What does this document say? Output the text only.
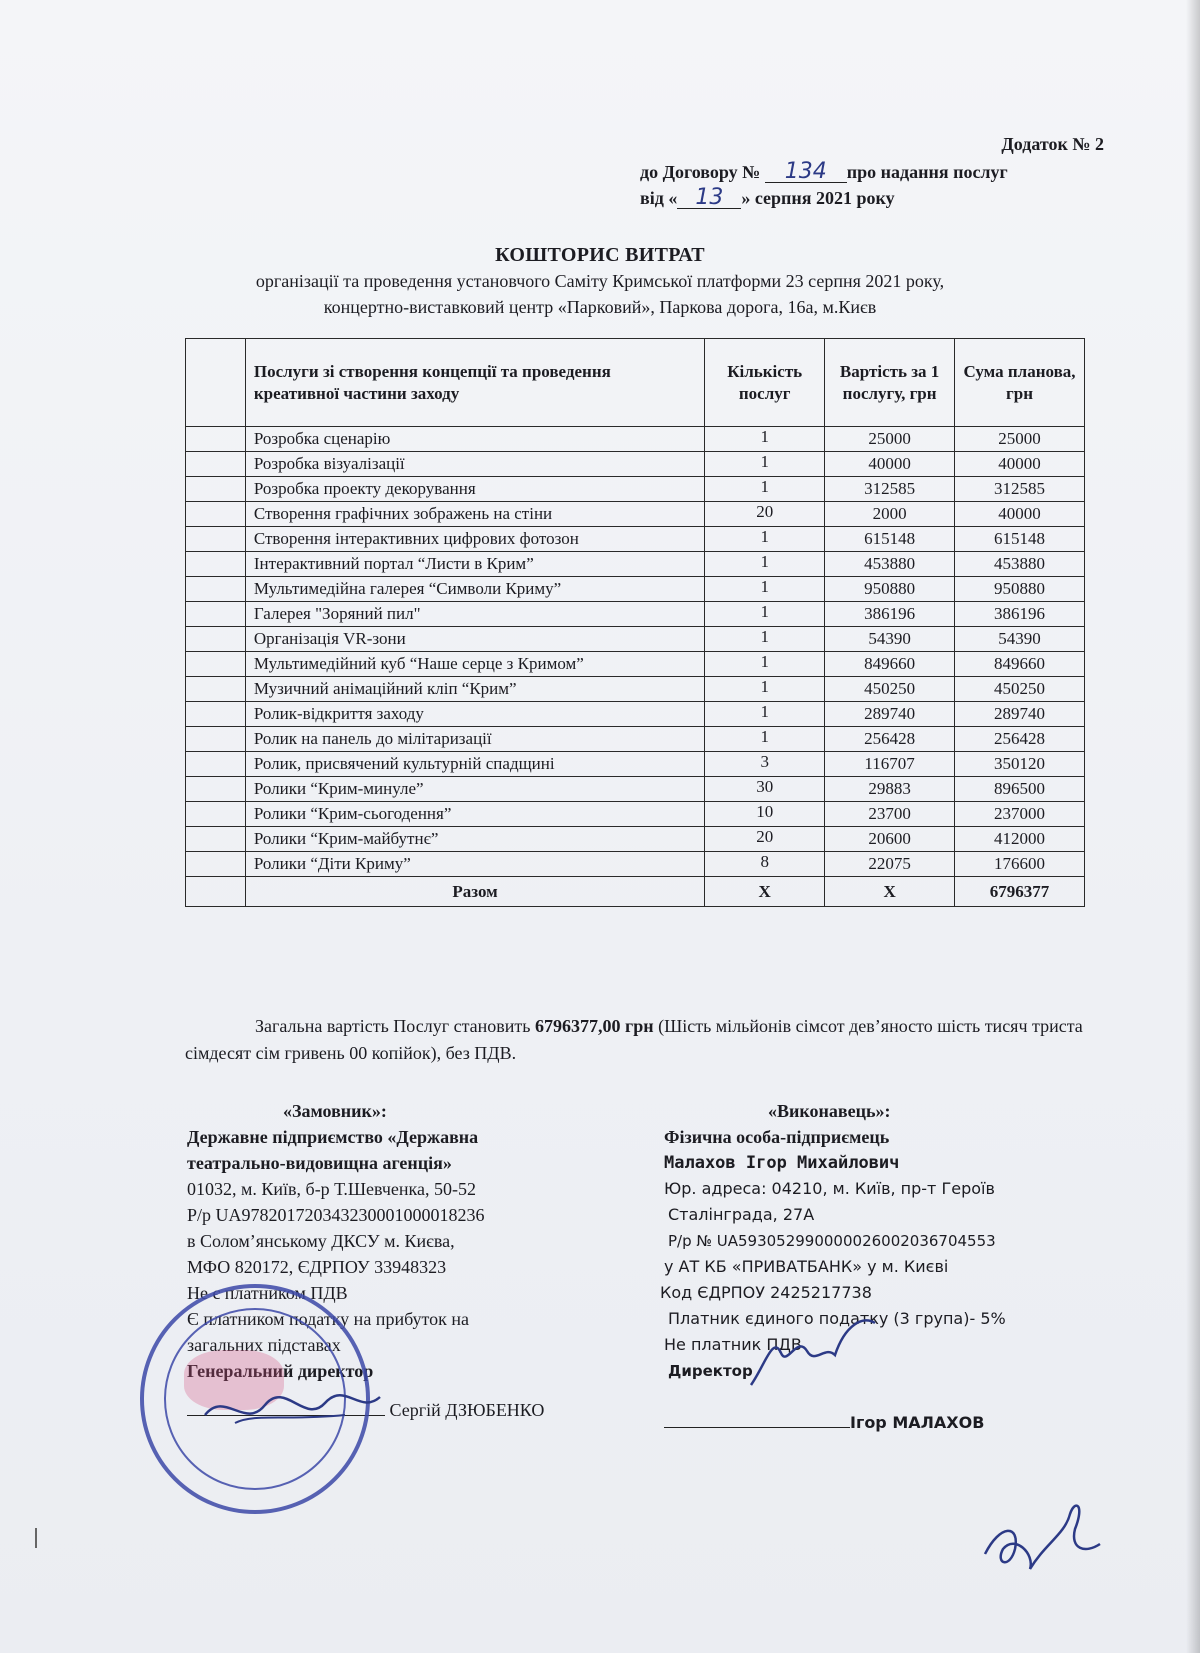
Додаток № 2
до Договору № 134 про надання послуг
від « 13 » серпня 2021 року
КОШТОРИС ВИТРАТ
організації та проведення установчого Саміту Кримської платформи 23 серпня 2021 року,
концертно-виставковий центр «Парковий», Паркова дорога, 16а, м.Києв
	Послуги зі створення концепції та проведення креативної частини заходу	Кількість послуг	Вартість за 1 послугу, грн	Сума планова, грн
	Розробка сценарію	1	25000	25000
	Розробка візуалізації	1	40000	40000
	Розробка проекту декорування	1	312585	312585
	Створення графічних зображень на стіни	20	2000	40000
	Створення інтерактивних цифрових фотозон	1	615148	615148
	Інтерактивний портал “Листи в Крим”	1	453880	453880
	Мультимедійна галерея “Символи Криму”	1	950880	950880
	Галерея "Зоряний пил"	1	386196	386196
	Організація VR-зони	1	54390	54390
	Мультимедійний куб “Наше серце з Кримом”	1	849660	849660
	Музичний анімаційний кліп “Крим”	1	450250	450250
	Ролик-відкриття заходу	1	289740	289740
	Ролик на панель до мілітаризації	1	256428	256428
	Ролик, присвячений культурній спадщині	3	116707	350120
	Ролики “Крим-минуле”	30	29883	896500
	Ролики “Крим-сьогодення”	10	23700	237000
	Ролики “Крим-майбутнє”	20	20600	412000
	Ролики “Діти Криму”	8	22075	176600
	Разом	Х	Х	6796377

Загальна вартість Послуг становить 6796377,00 грн (Шість мільйонів сімсот дев’яносто шість тисяч триста сімдесят сім гривень 00 копійок), без ПДВ.

«Замовник»:
Державне підприємство «Державна
театрально-видовищна агенція»
01032, м. Київ, б-р Т.Шевченка, 50-52
Р/р UA978201720343230001000018236
в Солом’янському ДКСУ м. Києва,
МФО 820172, ЄДРПОУ 33948323
Не є платником ПДВ
Є платником податку на прибуток на
загальних підставах
Генеральний директор
Сергій ДЗЮБЕНКО
«Виконавець»:
Фізична особа-підприємець
Малахов Ігор Михайлович
Юр. адреса: 04210, м. Київ, пр-т Героїв
Сталінграда, 27А
Р/р № UA593052990000026002036704553
у АТ КБ «ПРИВАТБАНК» у м. Києві
Код ЄДРПОУ 2425217738
Платник єдиного податку (3 група)- 5%
Не платник ПДВ
Директор
Ігор МАЛАХОВ
